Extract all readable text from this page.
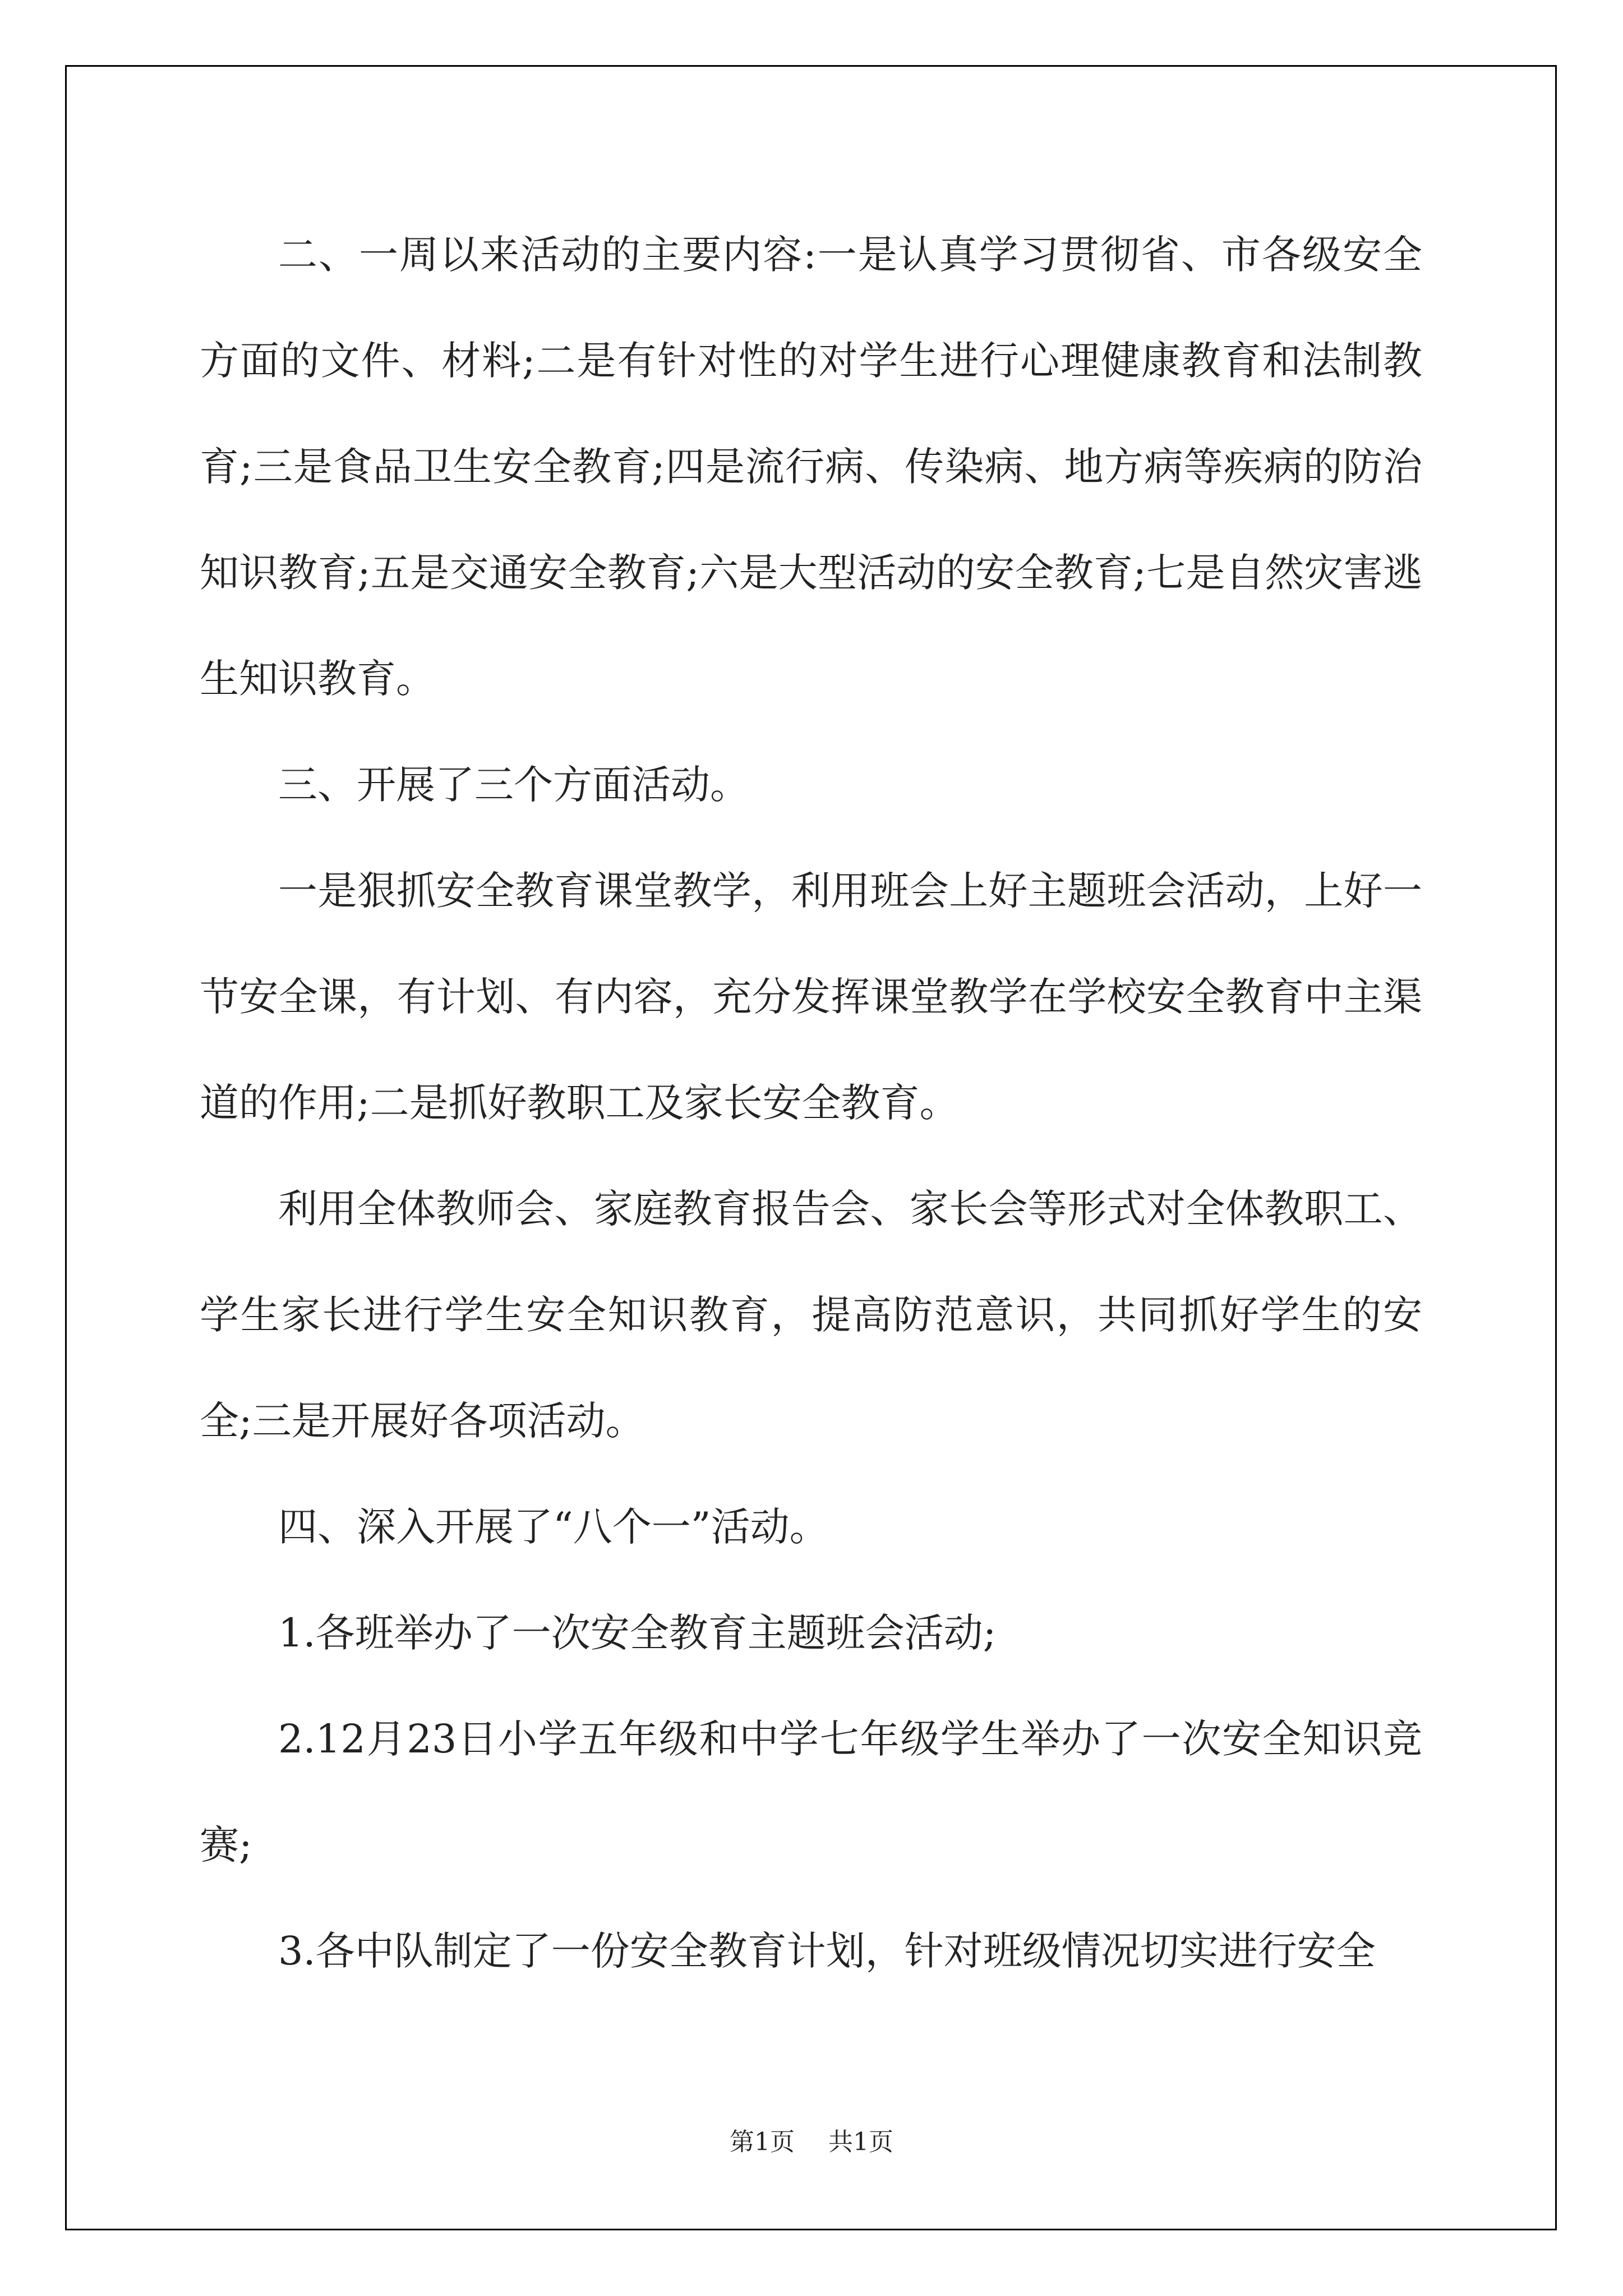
二、一周以来活动的主要内容:一是认真学习贯彻省、市各级安全方面的文件、材料;二是有针对性的对学生进行心理健康教育和法制教育;三是食品卫生安全教育;四是流行病、传染病、地方病等疾病的防治知识教育;五是交通安全教育;六是大型活动的安全教育;七是自然灾害逃生知识教育。

三、开展了三个方面活动。

一是狠抓安全教育课堂教学，利用班会上好主题班会活动，上好一节安全课，有计划、有内容，充分发挥课堂教学在学校安全教育中主渠道的作用;二是抓好教职工及家长安全教育。

利用全体教师会、家庭教育报告会、家长会等形式对全体教职工、学生家长进行学生安全知识教育，提高防范意识，共同抓好学生的安全;三是开展好各项活动。

四、深入开展了“八个一”活动。

1.各班举办了一次安全教育主题班会活动;

2.12月23日小学五年级和中学七年级学生举办了一次安全知识竞赛;

3.各中队制定了一份安全教育计划，针对班级情况切实进行安全

第1页 共1页
